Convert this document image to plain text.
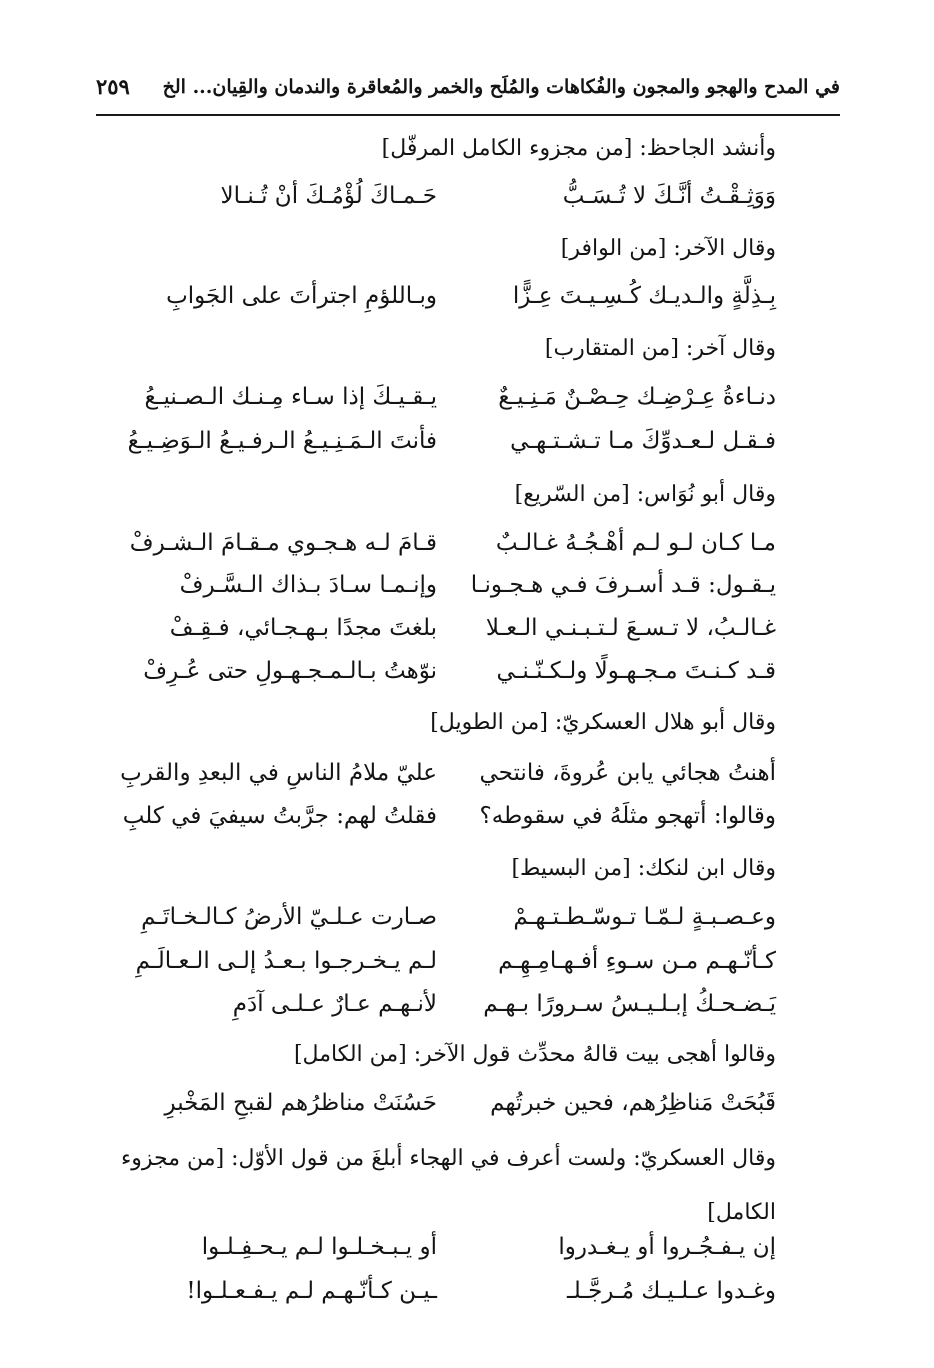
في المدح والهجو والمجون والفُكاهات والمُلَح والخمر والمُعاقرة والندمان والقِيان... الخ
٢٥٩
وأنشد الجاحظ: [من مجزوء الكامل المرفّل]
وَوَثِـقْـتُ أنَّـكَ لا تُـسَـبُّ
حَـمـاكَ لُؤْمُـكَ أنْ تُـنـالا
وقال الآخر: [من الوافر]
بِـذِلَّةٍ والـديـك كُـسِـيـتَ عِـزًّا
وبـاللؤمِ اجترأتَ على الجَوابِ
وقال آخر: [من المتقارب]
دنـاءةُ عِـرْضِـك حِـصْـنٌ مَـنِـيـعٌ
يـقـيـكَ إذا سـاء مِـنـك الـصـنيـعُ
فـقـل لـعـدوِّكَ مـا تـشـتـهـي
فأنتَ الـمَـنِـيـعُ الـرفـيـعُ الـوَضِـيـعُ
وقال أبو نُوَاس: [من السّريع]
مـا كـان لـو لـم أهْـجُـهُ غـالـبٌ
قـامَ لـه هـجـوي مـقـامَ الـشـرفْ
يـقـول: قـد أسـرفَ فـي هـجـونـا
وإنـمـا سـادَ بـذاك الـسَّـرفْ
غـالـبُ، لا تـسـعَ لـتـبـنـي الـعـلا
بلغتَ مجدًا بـهـجـائي، فـقِـفْ
قـد كـنـتَ مـجـهـولًا ولـكـنّـنـي
نوّهتُ بـالـمـجـهـولِ حتى عُـرِفْ
وقال أبو هلال العسكريّ: [من الطويل]
أهنتُ هجائي يابن عُروةَ، فانتحي
عليّ ملامُ الناسِ في البعدِ والقربِ
وقالوا: أتهجو مثلَهُ في سقوطه؟
فقلتُ لهم: جرَّبتُ سيفيَ في كلبِ
وقال ابن لنكك: [من البسيط]
وعـصـبـةٍ لـمّـا تـوسّـطـتـهـمْ
صـارت عـلـيّ الأرضُ كـالـخـاتَـمِ
كـأنّـهـم مـن سـوءِ أفـهـامِـهِـم
لـم يـخـرجـوا بـعـدُ إلـى الـعـالَـمِ
يَـضـحـكُ إبـلـيـسُ سـرورًا بـهـم
لأنـهـم عـارٌ عـلـى آدَمِ
وقالوا أهجى بيت قالهُ محدِّث قول الآخر: [من الكامل]
قَبُحَتْ مَناظِرُهم، فحين خبرتُهم
حَسُنَتْ مناظرُهم لقبحِ المَخْبرِ
وقال العسكريّ: ولست أعرف في الهجاء أبلغَ من قول الأوّل: [من مجزوء الكامل]
إن يـفـجُـروا أو يـغـدروا
أو يـبـخـلـوا لـم يـحـفِـلـوا
وغـدوا عـلـيـك مُـرجَّـلـ
ـيـن كـأنّـهـم لـم يـفـعـلـوا!
